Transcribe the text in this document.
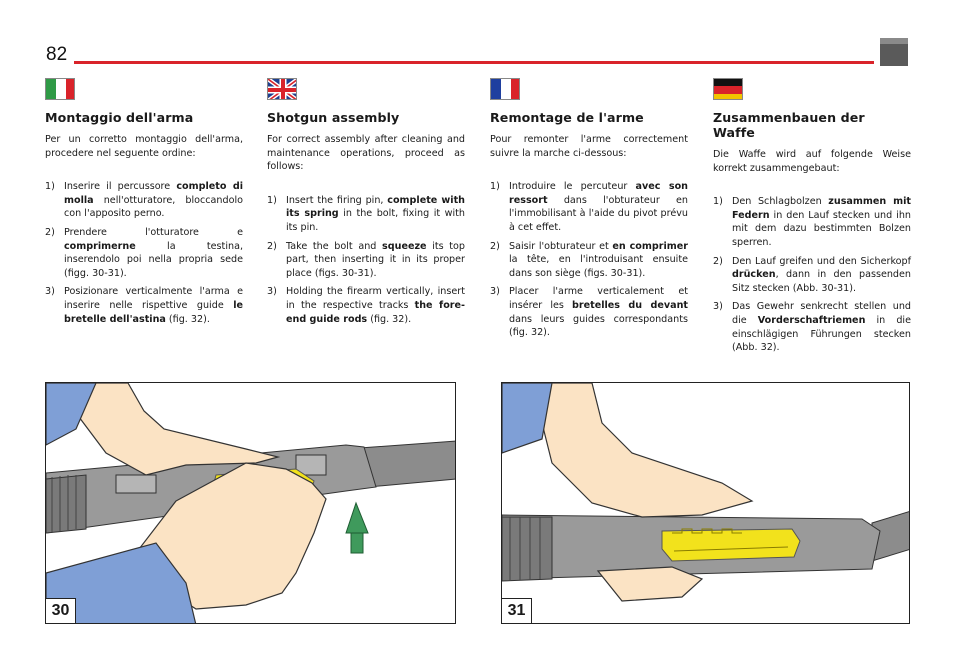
82
Montaggio dell'arma

Per un corretto montaggio dell'arma, procedere nel seguente ordine:

1) Inserire il percussore completo di molla nell'otturatore, bloccandolo con l'apposito perno.
2) Prendere l'otturatore e comprimerne la testina, inserendolo poi nella propria sede (figg. 30-31).
3) Posizionare verticalmente l'arma e inserire nelle rispettive guide le bretelle dell'astina (fig. 32).
Shotgun assembly

For correct assembly after cleaning and maintenance operations, proceed as follows:

1) Insert the firing pin, complete with its spring in the bolt, fixing it with its pin.
2) Take the bolt and squeeze its top part, then inserting it in its proper place (figs. 30-31).
3) Holding the firearm vertically, insert in the respective tracks the fore-end guide rods (fig. 32).
Remontage de l'arme

Pour remonter l'arme correctement suivre la marche ci-dessous:

1) Introduire le percuteur avec son ressort dans l'obturateur en l'immobilisant à l'aide du pivot prévu à cet effet.
2) Saisir l'obturateur et en comprimer la tête, en l'introduisant ensuite dans son siège (figs. 30-31).
3) Placer l'arme verticalement et insérer les bretelles du devant dans leurs guides correspondants (fig. 32).
Zusammenbauen der Waffe

Die Waffe wird auf folgende Weise korrekt zusammengebaut:

1) Den Schlagbolzen zusammen mit Federn in den Lauf stecken und ihn mit dem dazu bestimmten Bolzen sperren.
2) Den Lauf greifen und den Sicherkopf drücken, dann in den passenden Sitz stecken (Abb. 30-31).
3) Das Gewehr senkrecht stellen und die Vorderschaftriemen in die einschlägigen Führungen stecken (Abb. 32).
30	31
